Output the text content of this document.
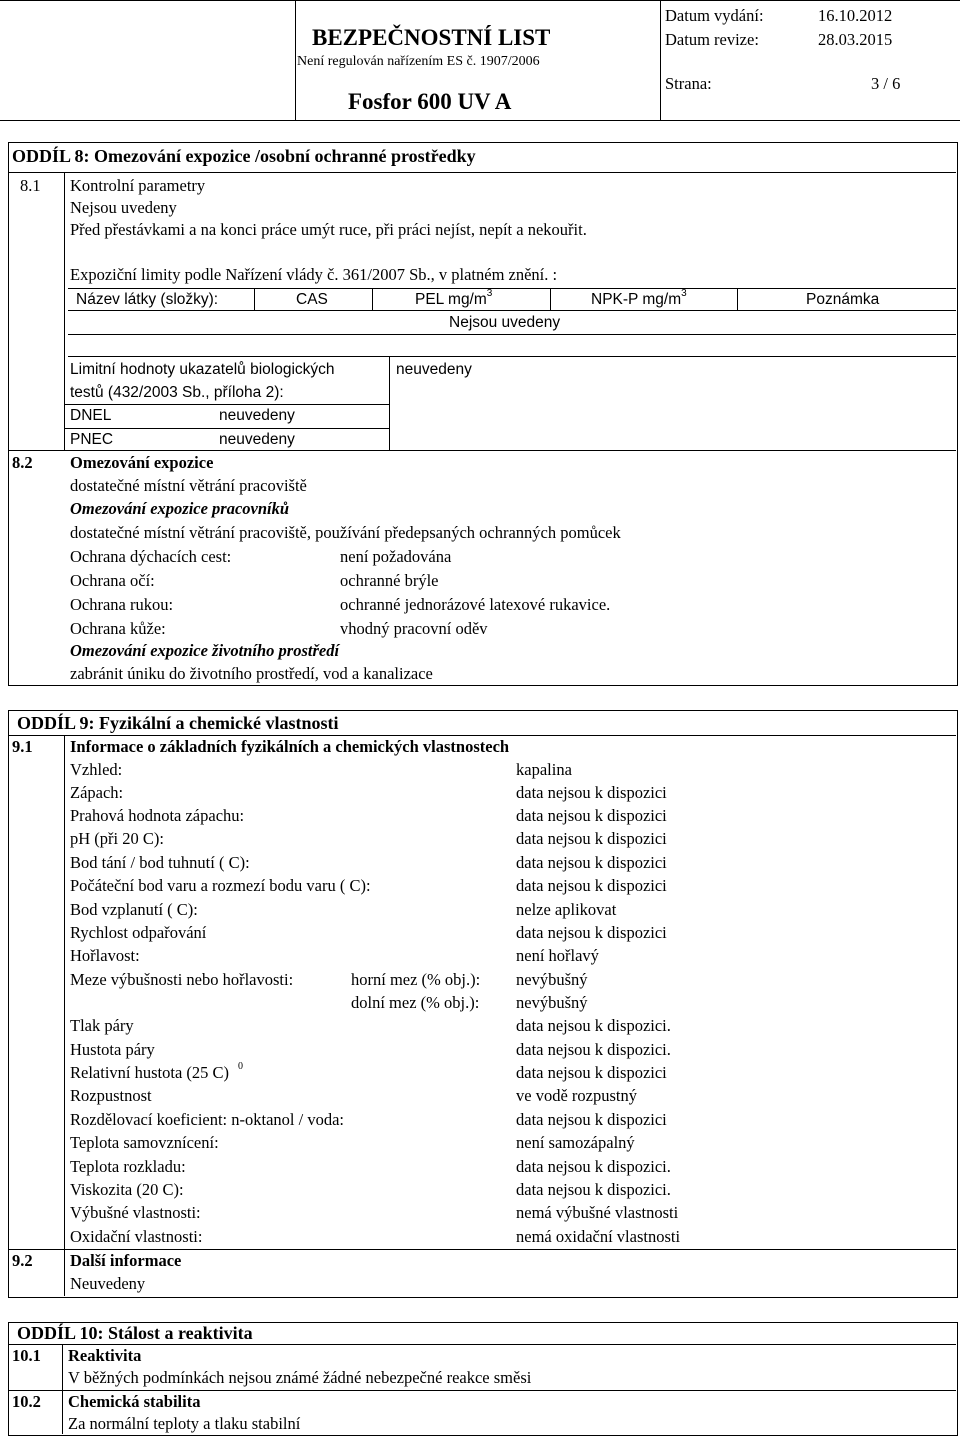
BEZPEČNOSTNÍ LIST
Není regulován nařízením ES č. 1907/2006
Fosfor 600 UV A
Datum vydání:	16.10.2012
Datum revize:	28.03.2015
Strana:	3 / 6
ODDÍL 8: Omezování expozice /osobní ochranné prostředky
8.1 Kontrolní parametry
Nejsou uvedeny
Před přestávkami a na konci práce umýt ruce, při práci nejíst, nepít a nekouřit.
Expoziční limity podle Nařízení vlády č. 361/2007 Sb., v platném znění. :
Název látky (složky):	CAS	PEL $mg/m^3$	NPK-P $mg/m^3$	Poznámka
Nejsou uvedeny
Limitní hodnoty ukazatelů biologických
testů (432/2003 Sb., příloha 2):
neuvedeny
DNEL	neuvedeny
PNEC	neuvedeny
8.2 Omezování expozice
dostatečné místní větrání pracoviště
Omezování expozice pracovníků
dostatečné místní větrání pracoviště, používání předepsaných ochranných pomůcek
Ochrana dýchacích cest:	není požadována
Ochrana očí:	ochranné brýle
Ochrana rukou:	ochranné jednorázové latexové rukavice.
Ochrana kůže:	vhodný pracovní oděv
Omezování expozice životního prostředí
zabránit úniku do životního prostředí, vod a kanalizace
ODDÍL 9: Fyzikální a chemické vlastnosti
9.1 Informace o základních fyzikálních a chemických vlastnostech
Vzhled:	kapalina
Zápach:	data nejsou k dispozici
Prahová hodnota zápachu:	data nejsou k dispozici
pH (při 20 C):	data nejsou k dispozici
Bod tání / bod tuhnutí ( C):	data nejsou k dispozici
Počáteční bod varu a rozmezí bodu varu ( C):	data nejsou k dispozici
Bod vzplanutí ( C):	nelze aplikovat
Rychlost odpařování	data nejsou k dispozici
Hořlavost:	není hořlavý
Meze výbušnosti nebo hořlavosti:	horní mez (% obj.): nevýbušný
dolní mez (% obj.): nevýbušný
Tlak páry	data nejsou k dispozici.
Hustota páry	data nejsou k dispozici.
Relativní hustota (25 C)	data nejsou k dispozici
Rozpustnost	ve vodě rozpustný
Rozdělovací koeficient: n-oktanol / voda:	data nejsou k dispozici
Teplota samovznícení:	není samozápalný
Teplota rozkladu:	data nejsou k dispozici.
Viskozita (20 C):	data nejsou k dispozici.
Výbušné vlastnosti:	nemá výbušné vlastnosti
Oxidační vlastnosti:	nemá oxidační vlastnosti
0
9.2 Další informace
Neuvedeny
ODDÍL 10: Stálost a reaktivita
10.1 Reaktivita
V běžných podmínkách nejsou známé žádné nebezpečné reakce směsi
10.2 Chemická stabilita
Za normální teploty a tlaku stabilní
